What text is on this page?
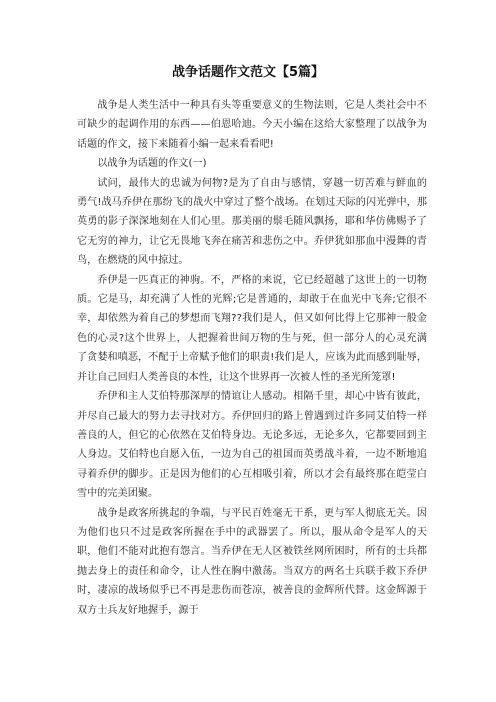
战争话题作文范文【5篇】

战争是人类生活中一种具有头等重要意义的生物法则，它是人类社会中不可缺少的起调作用的东西——伯恩哈迪。今天小编在这给大家整理了以战争为话题的作文，接下来随着小编一起来看看吧!

以战争为话题的作文(一)

试问，最伟大的忠诚为何物?是为了自由与感情，穿越一切苦难与鲜血的勇气!战马乔伊在那纷飞的战火中穿过了整个战场。在划过天际的闪光弹中，那英勇的影子深深地刻在人们心里。那美丽的鬃毛随风飘扬，耶和华仿佛赐予了它无穷的神力，让它无畏地飞奔在痛苦和悲伤之中。乔伊犹如那血中漫舞的青鸟，在燃烧的风中掠过。

乔伊是一匹真正的神驹。不，严格的来说，它已经超越了这世上的一切物质。它是马，却充满了人性的光辉;它是普通的，却敢于在血光中飞奔;它很不幸，却依然为着自己的梦想而飞翔??我们是人，但又如何比得上它那神一般金色的心灵?这个世界上，人把握着世间万物的生与死，但一部分人的心灵充满了贪婪和嗔恶，不配于上帝赋予他们的职责!我们是人，应该为此而感到耻辱，并让自己回归人类善良的本性，让这个世界再一次被人性的圣光所笼罩!

乔伊和主人艾伯特那深厚的情谊让人感动。相隔千里，却心中皆有彼此，并尽自己最大的努力去寻找对方。乔伊回归的路上曾遇到过许多同艾伯特一样善良的人，但它的心依然在艾伯特身边。无论多远，无论多久，它都要回到主人身边。艾伯特也自愿入伍，一边为自己的祖国而英勇战斗着，一边不断地追寻着乔伊的脚步。正是因为他们的心互相吸引着，所以才会有最终那在皑莹白雪中的完美团聚。

战争是政客所挑起的争端，与平民百姓毫无干系，更与军人彻底无关。因为他们也只不过是政客所握在手中的武器罢了。所以，服从命令是军人的天职，他们不能对此抱有怨言。当乔伊在无人区被铁丝网所困时，所有的士兵都抛去身上的责任和命令，让人性在胸中激荡。当双方的两名士兵联手救下乔伊时，凄凉的战场似乎已不再是悲伤而苍凉，被善良的金辉所代替。这金辉源于双方士兵友好地握手，源于
